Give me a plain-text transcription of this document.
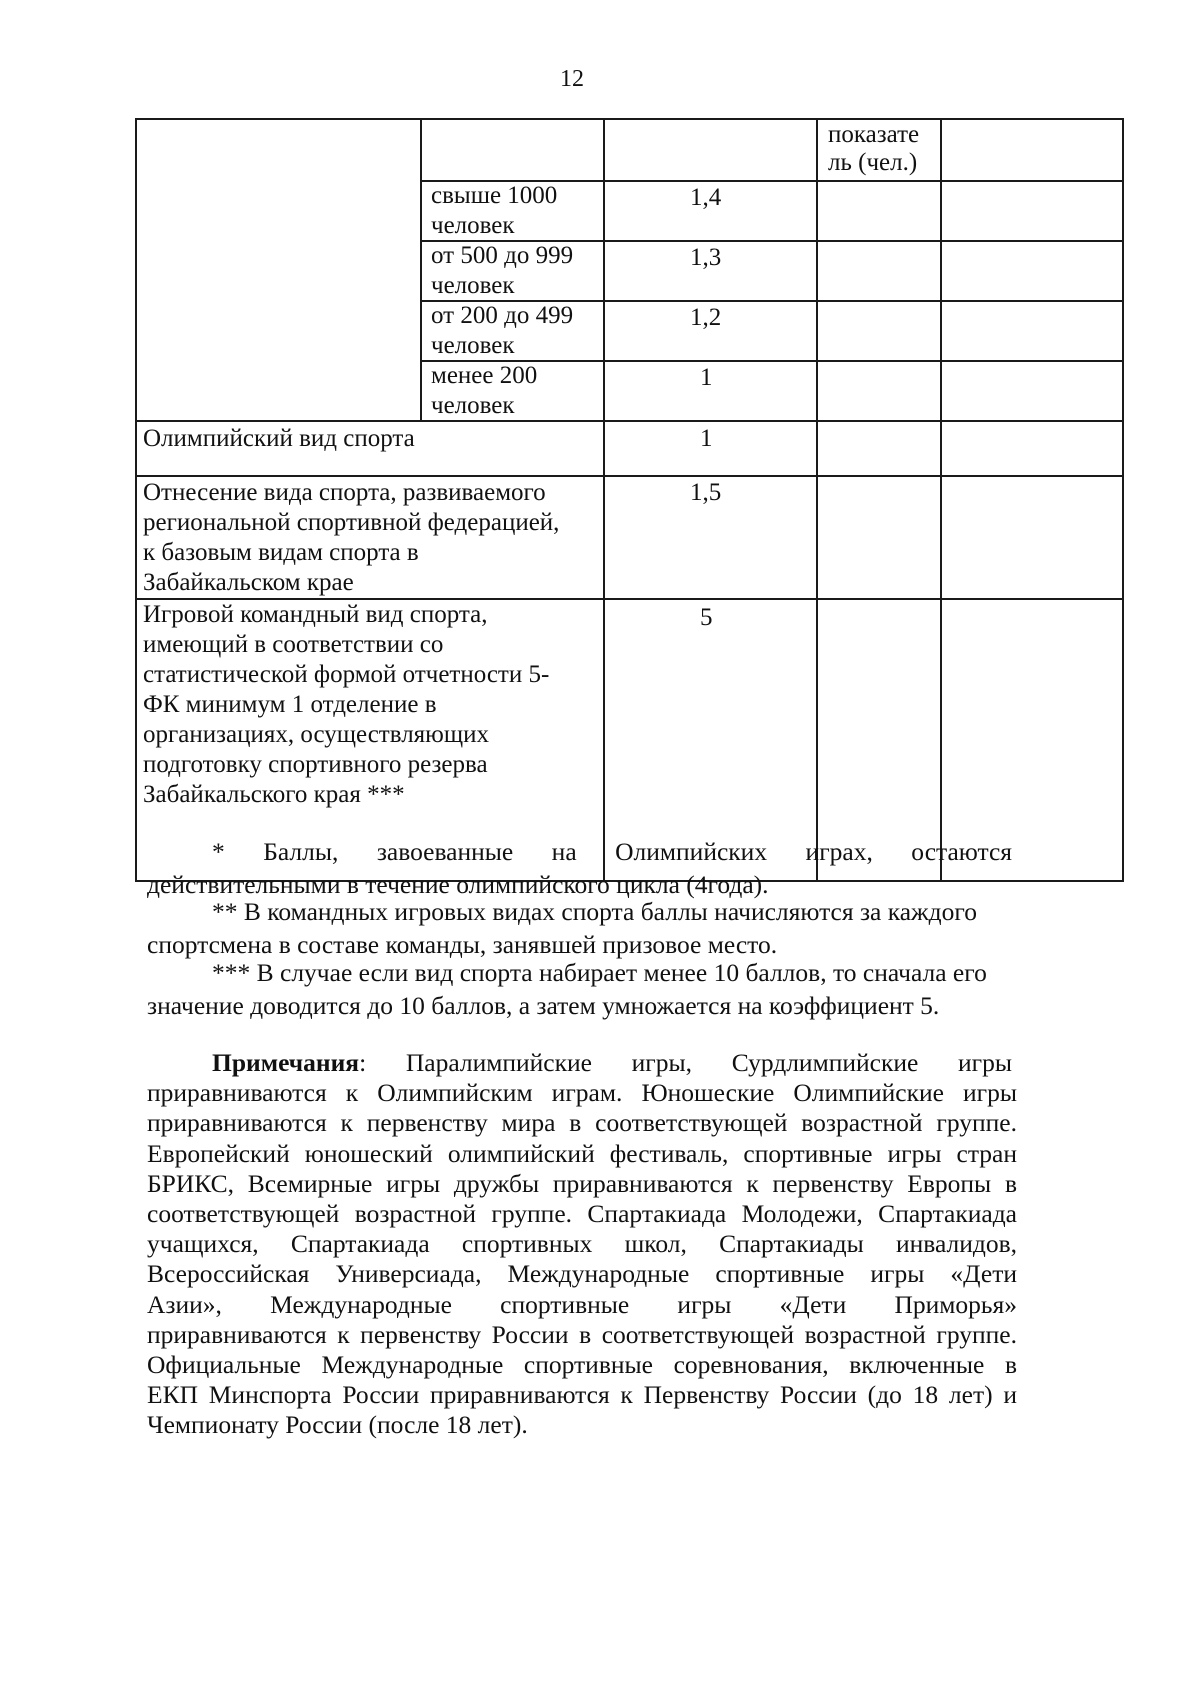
12
показате
ль (чел.)
свыше 1000
человек
1,4
от 500 до 999
человек
1,3
от 200 до 499
человек
1,2
менее 200
человек
1
Олимпийский вид спорта	1
Отнесение вида спорта, развиваемого
региональной спортивной федерацией,
к базовым видам спорта в
Забайкальском крае
1,5
Игровой командный вид спорта,
имеющий в соответствии со
статистической формой отчетности 5-
ФК минимум 1 отделение в
организациях, осуществляющих
подготовку спортивного резерва
Забайкальского края ***
5
* Баллы, завоеванные на Олимпийских играх, остаются
действительными в течение олимпийского цикла (4года).
** В командных игровых видах спорта баллы начисляются за каждого
спортсмена в составе команды, занявшей призовое место.
*** В случае если вид спорта набирает менее 10 баллов, то сначала его
значение доводится до 10 баллов, а затем умножается на коэффициент 5.
Примечания : Паралимпийские игры, Сурдлимпийские игры
приравниваются к Олимпийским играм. Юношеские Олимпийские игры
приравниваются к первенству мира в соответствующей возрастной группе.
Европейский юношеский олимпийский фестиваль, спортивные игры стран
БРИКС, Всемирные игры дружбы приравниваются к первенству Европы в
соответствующей возрастной группе. Спартакиада Молодежи, Спартакиада
учащихся, Спартакиада спортивных школ, Спартакиады инвалидов,
Всероссийская Универсиада, Международные спортивные игры «Дети
Азии», Международные спортивные игры «Дети Приморья»
приравниваются к первенству России в соответствующей возрастной группе.
Официальные Международные спортивные соревнования, включенные в
ЕКП Минспорта России приравниваются к Первенству России (до 18 лет) и
Чемпионату России (после 18 лет).
